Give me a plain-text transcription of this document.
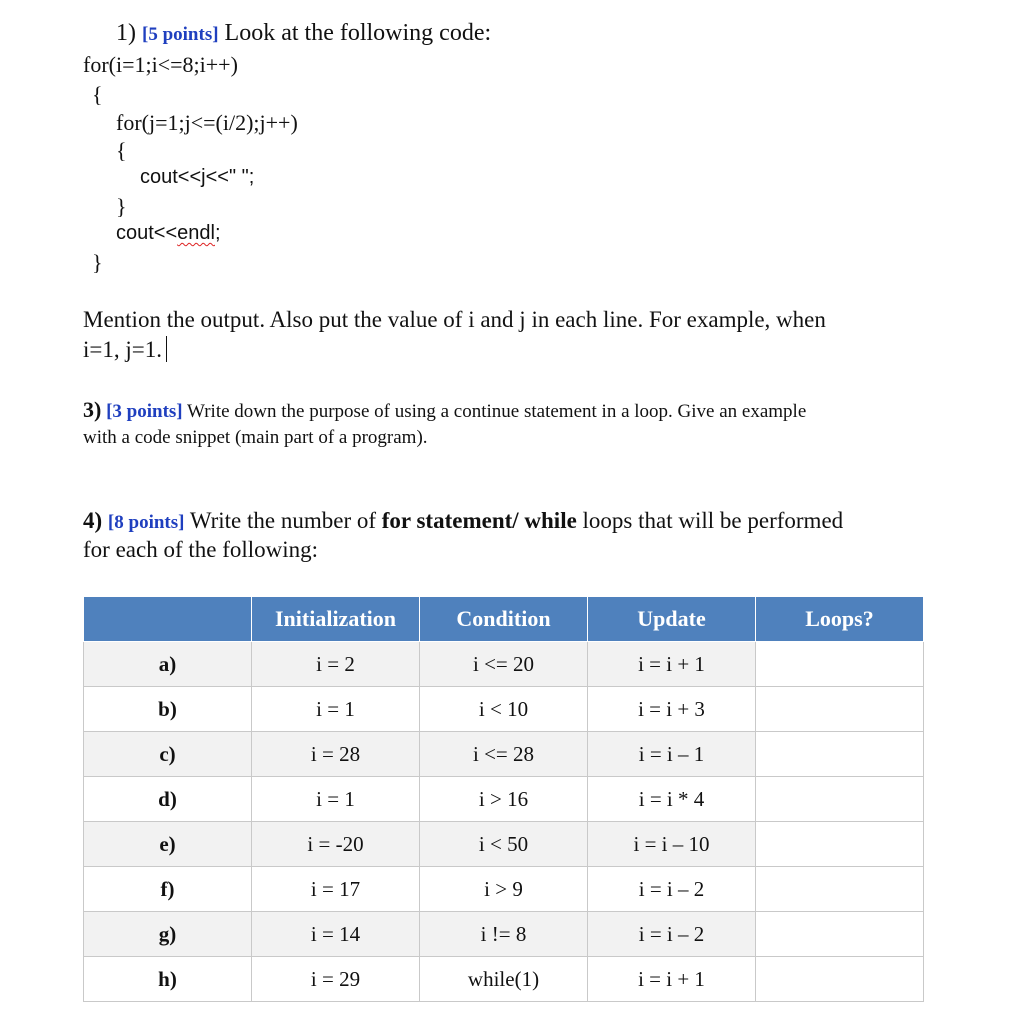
1) [5 points] Look at the following code:
for(i=1;i<=8;i++)
{
for(j=1;j<=(i/2);j++)
{
cout<<j<<" ";
}
cout<<endl;
}
Mention the output. Also put the value of i and j in each line. For example, when
i=1, j=1.
3) [3 points] Write down the purpose of using a continue statement in a loop. Give an example
with a code snippet (main part of a program).
4) [8 points] Write the number of for statement/ while loops that will be performed
for each of the following:
	Initialization	Condition	Update	Loops?
a)	i = 2	i <= 20	i = i + 1	
b)	i = 1	i < 10	i = i + 3	
c)	i = 28	i <= 28	i = i – 1	
d)	i = 1	i > 16	i = i * 4	
e)	i = -20	i < 50	i = i – 10	
f)	i = 17	i > 9	i = i – 2	
g)	i = 14	i != 8	i = i – 2	
h)	i = 29	while(1)	i = i + 1	
